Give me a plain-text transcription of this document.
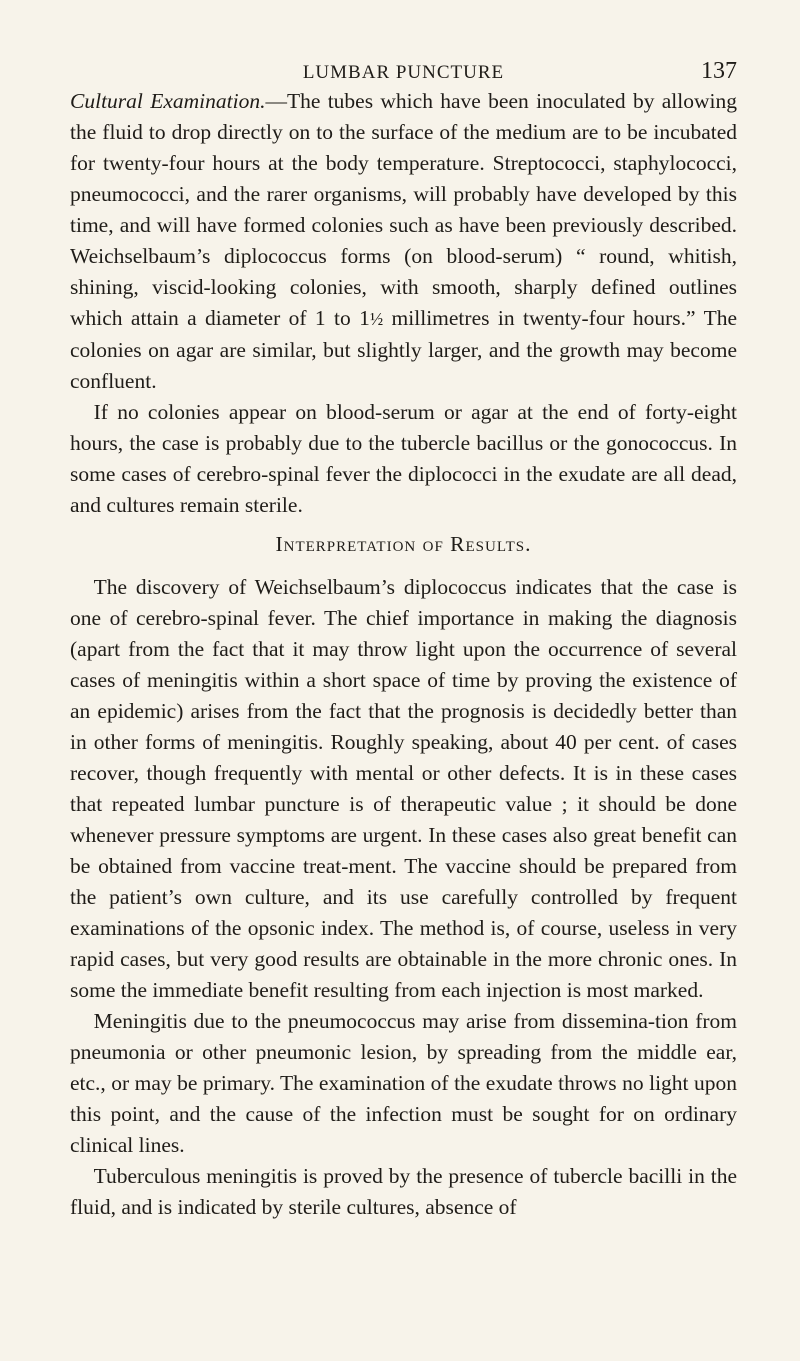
LUMBAR PUNCTURE	137

Cultural Examination.—The tubes which have been inoculated by allowing the fluid to drop directly on to the surface of the medium are to be incubated for twenty-four hours at the body temperature. Streptococci, staphylococci, pneumococci, and the rarer organisms, will probably have developed by this time, and will have formed colonies such as have been previously described. Weichselbaum’s diplococcus forms (on blood-serum) “ round, whitish, shining, viscid-looking colonies, with smooth, sharply defined outlines which attain a diameter of 1 to 1½ millimetres in twenty-four hours.” The colonies on agar are similar, but slightly larger, and the growth may become confluent.

If no colonies appear on blood-serum or agar at the end of forty-eight hours, the case is probably due to the tubercle bacillus or the gonococcus. In some cases of cerebro-spinal fever the diplococci in the exudate are all dead, and cultures remain sterile.

Interpretation of Results.

The discovery of Weichselbaum’s diplococcus indicates that the case is one of cerebro-spinal fever. The chief importance in making the diagnosis (apart from the fact that it may throw light upon the occurrence of several cases of meningitis within a short space of time by proving the existence of an epidemic) arises from the fact that the prognosis is decidedly better than in other forms of meningitis. Roughly speaking, about 40 per cent. of cases recover, though frequently with mental or other defects. It is in these cases that repeated lumbar puncture is of therapeutic value ; it should be done whenever pressure symptoms are urgent. In these cases also great benefit can be obtained from vaccine treat-ment. The vaccine should be prepared from the patient’s own culture, and its use carefully controlled by frequent examinations of the opsonic index. The method is, of course, useless in very rapid cases, but very good results are obtainable in the more chronic ones. In some the immediate benefit resulting from each injection is most marked.

Meningitis due to the pneumococcus may arise from dissemina-tion from pneumonia or other pneumonic lesion, by spreading from the middle ear, etc., or may be primary. The examination of the exudate throws no light upon this point, and the cause of the infection must be sought for on ordinary clinical lines.

Tuberculous meningitis is proved by the presence of tubercle bacilli in the fluid, and is indicated by sterile cultures, absence of
